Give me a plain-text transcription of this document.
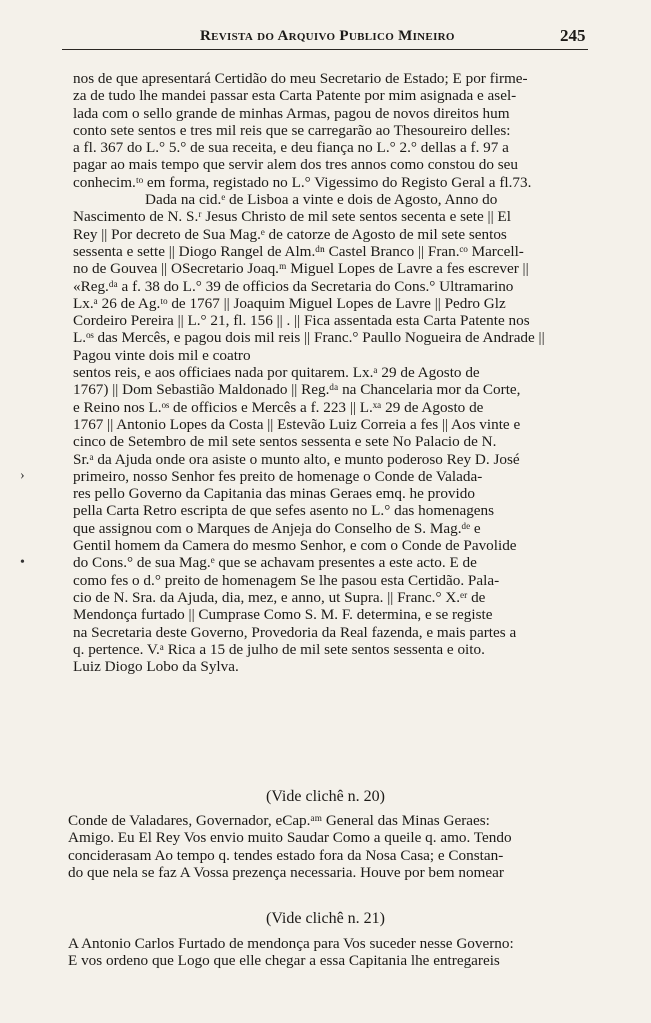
Revista do Arquivo Publico Mineiro	245
›
•
nos de que apresentará Certidão do meu Secretario de Estado; E por firme-
za de tudo lhe mandei passar esta Carta Patente por mim asignada e asel-
lada com o sello grande de minhas Armas, pagou de novos direitos hum
conto sete sentos e tres mil reis que se carregarão ao Thesoureiro delles:
a fl. 367 do L.° 5.° de sua receita, e deu fiança no L.° 2.° dellas a f. 97 a
pagar ao mais tempo que servir alem dos tres annos como constou do seu
conhecim.ᵗᵒ em forma, registado no L.° Vigessimo do Registo Geral a fl.73.
Dada na cid.ᵉ de Lisboa a vinte e dois de Agosto, Anno do
Nascimento de N. S.ʳ Jesus Christo de mil sete sentos secenta e sete || El
Rey || Por decreto de Sua Mag.ᵉ de catorze de Agosto de mil sete sentos
sessenta e sette || Diogo Rangel de Alm.ᵈⁿ Castel Branco || Fran.ᶜᵒ Marcell-
no de Gouvea || OSecretario Joaq.ᵐ Miguel Lopes de Lavre a fes escrever ||
«Reg.ᵈᵃ a f. 38 do L.° 39 de officios da Secretaria do Cons.° Ultramarino
Lx.ᵃ 26 de Ag.ᵗᵒ de 1767 || Joaquim Miguel Lopes de Lavre || Pedro Glz
Cordeiro Pereira || L.° 21, fl. 156 || . || Fica assentada esta Carta Patente nos
L.ᵒˢ das Mercês, e pagou dois mil reis || Franc.° Paullo Nogueira de Andrade ||
Pagou vinte dois mil e coatro
sentos reis, e aos officiaes nada por quitarem. Lx.ᵃ 29 de Agosto de
1767) || Dom Sebastião Maldonado || Reg.ᵈᵃ na Chancelaria mor da Corte,
e Reino nos L.ᵒˢ de officios e Mercês a f. 223 || L.ˣᵃ 29 de Agosto de
1767 || Antonio Lopes da Costa || Estevão Luiz Correia a fes || Aos vinte e
cinco de Setembro de mil sete sentos sessenta e sete No Palacio de N.
Sr.ᵃ da Ajuda onde ora asiste o munto alto, e munto poderoso Rey D. José
primeiro, nosso Senhor fes preito de homenage o Conde de Valada-
res pello Governo da Capitania das minas Geraes emq. he provido
pella Carta Retro escripta de que sefes asento no L.° das homenagens
que assignou com o Marques de Anjeja do Conselho de S. Mag.ᵈᵉ e
Gentil homem da Camera do mesmo Senhor, e com o Conde de Pavolide
do Cons.° de sua Mag.ᵉ que se achavam presentes a este acto. E de
como fes o d.° preito de homenagem Se lhe pasou esta Certidão. Pala-
cio de N. Sra. da Ajuda, dia, mez, e anno, ut Supra. || Franc.° X.ᵉʳ de
Mendonça furtado || Cumprase Como S. M. F. determina, e se registe
na Secretaria deste Governo, Provedoria da Real fazenda, e mais partes a
q. pertence. V.ᵃ Rica a 15 de julho de mil sete sentos sessenta e oito.
Luiz Diogo Lobo da Sylva.
(Vide clichê n. 20)
Conde de Valadares, Governador, eCap.ᵃᵐ General das Minas Geraes:
Amigo. Eu El Rey Vos envio muito Saudar Como a queile q. amo. Tendo
conciderasam Ao tempo q. tendes estado fora da Nosa Casa; e Constan-
do que nela se faz A Vossa prezença necessaria. Houve por bem nomear
(Vide clichê n. 21)
A Antonio Carlos Furtado de mendonça para Vos suceder nesse Governo:
E vos ordeno que Logo que elle chegar a essa Capitania lhe entregareis
